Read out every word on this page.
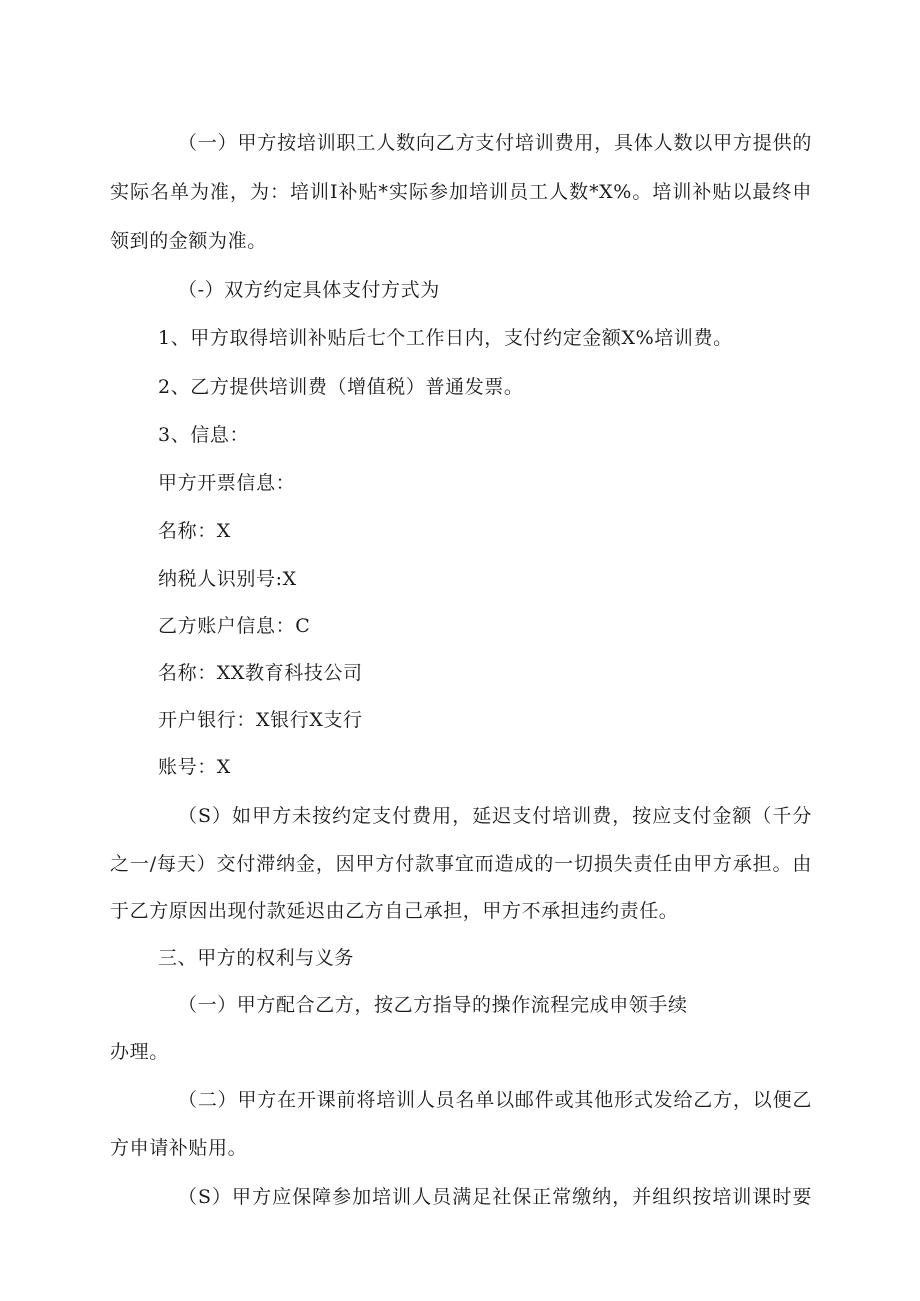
（一）甲方按培训职工人数向乙方支付培训费用，具体人数以甲方提供的
实际名单为准，为：培训Ⅰ补贴*实际参加培训员工人数*X%。培训补贴以最终申
领到的金额为准。
（-）双方约定具体支付方式为
1、甲方取得培训补贴后七个工作日内，支付约定金额X%培训费。
2、乙方提供培训费（增值税）普通发票。
3、信息：
甲方开票信息：
名称：X
纳税人识别号:X
乙方账户信息：C
名称：XX教育科技公司
开户银行：X银行X支行
账号：X
（S）如甲方未按约定支付费用，延迟支付培训费，按应支付金额（千分
之一/每天）交付滞纳金，因甲方付款事宜而造成的一切损失责任由甲方承担。由
于乙方原因出现付款延迟由乙方自己承担，甲方不承担违约责任。
三、甲方的权利与义务
（一）甲方配合乙方，按乙方指导的操作流程完成申领手续
办理。
（二）甲方在开课前将培训人员名单以邮件或其他形式发给乙方，以便乙
方申请补贴用。
（S）甲方应保障参加培训人员满足社保正常缴纳，并组织按培训课时要
